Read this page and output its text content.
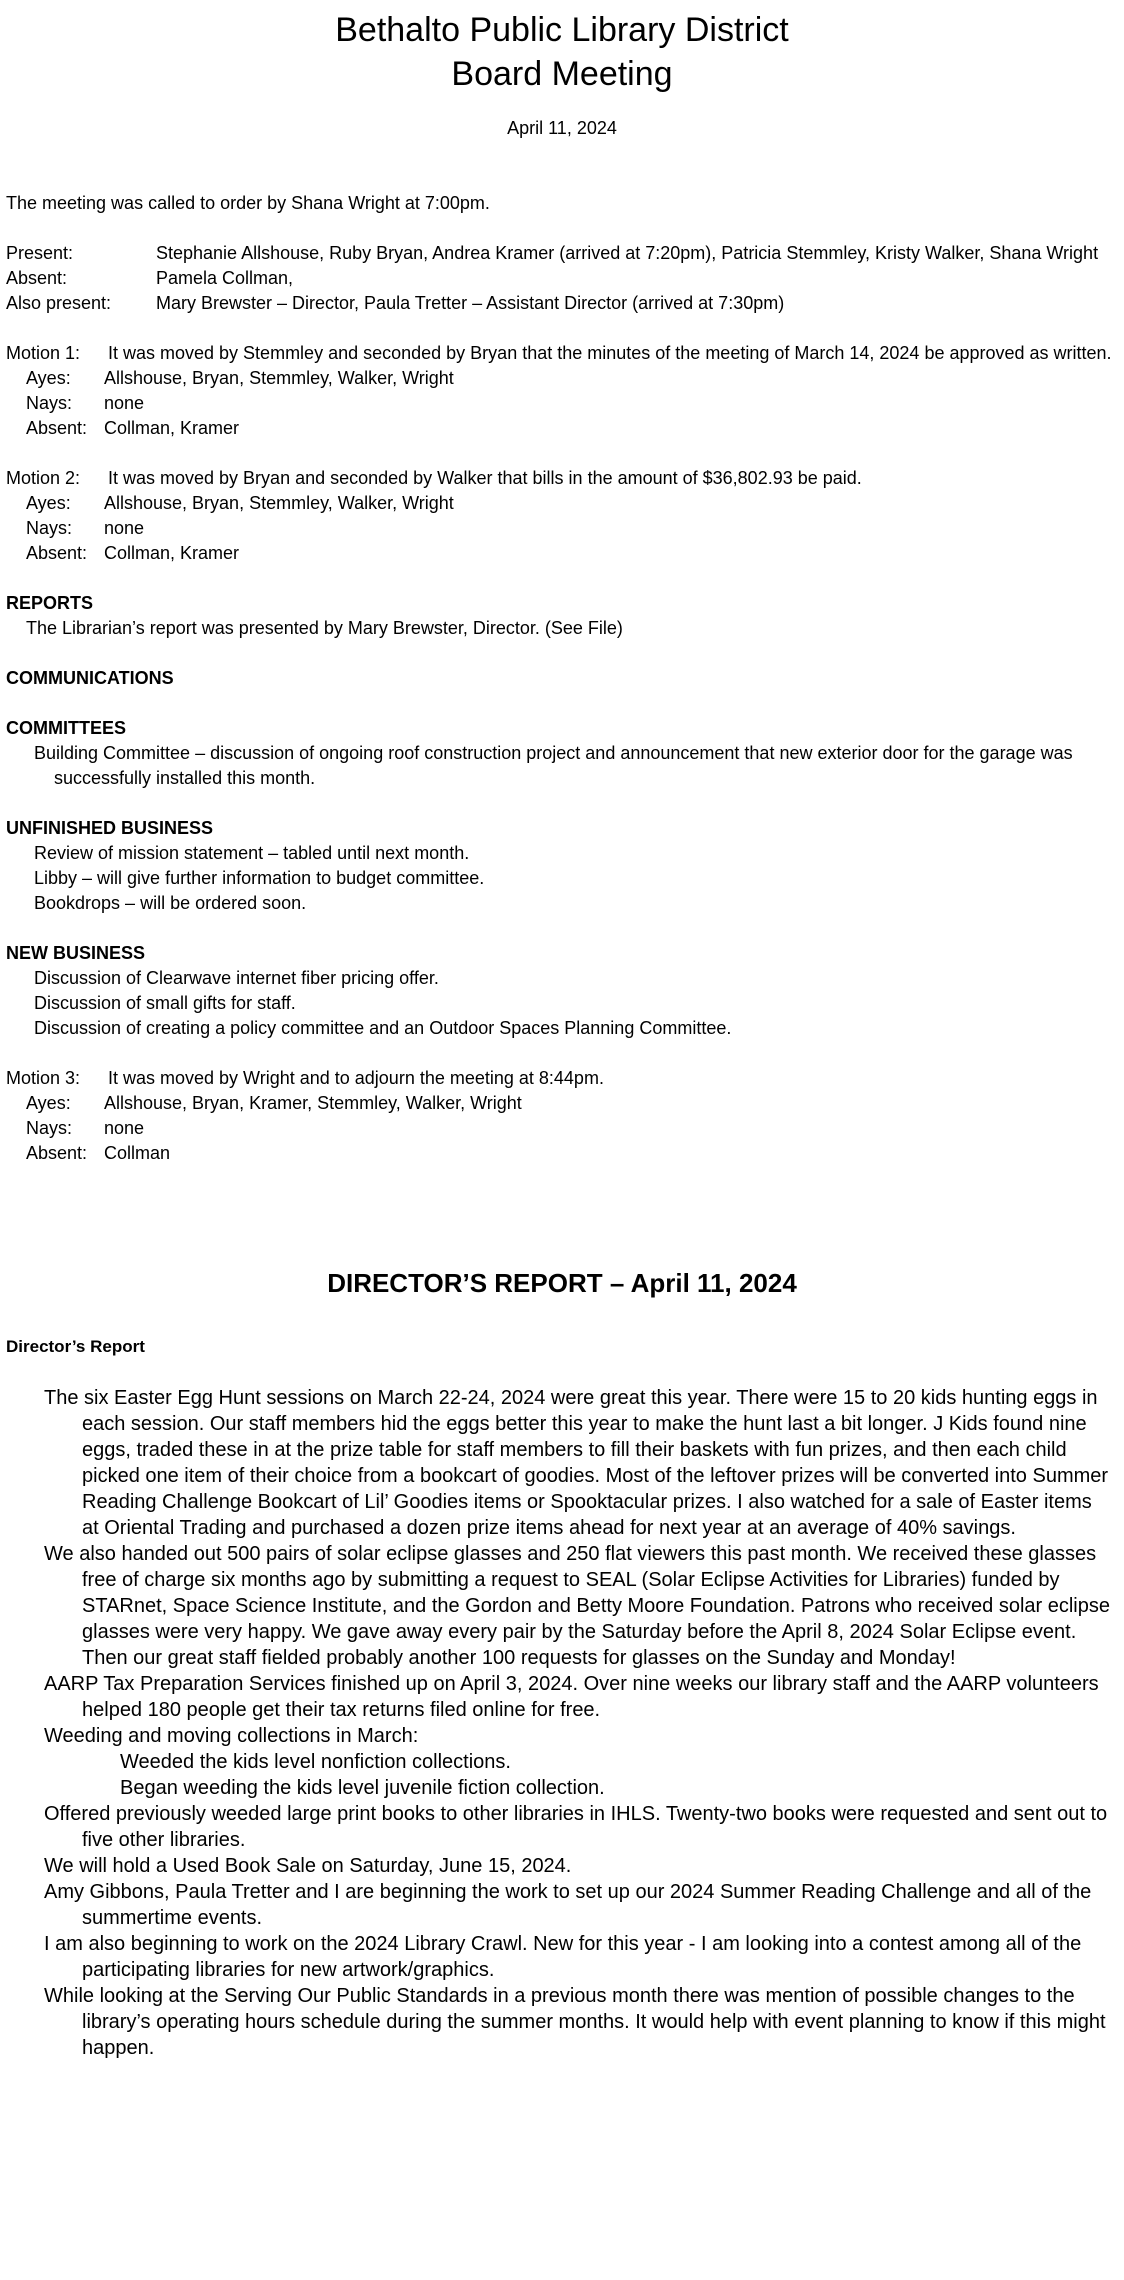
Bethalto Public Library District
Board Meeting
April 11, 2024
The meeting was called to order by Shana Wright at 7:00pm.
Present:	Stephanie Allshouse, Ruby Bryan, Andrea Kramer (arrived at 7:20pm), Patricia Stemmley, Kristy Walker, Shana Wright
Absent:	Pamela Collman,
Also present:	Mary Brewster – Director, Paula Tretter – Assistant Director (arrived at 7:30pm)
Motion 1:	It was moved by Stemmley and seconded by Bryan that the minutes of the meeting of March 14, 2024 be approved as written.
Ayes:	Allshouse, Bryan, Stemmley, Walker, Wright
Nays:	none
Absent: Collman, Kramer
Motion 2:	It was moved by Bryan and seconded by Walker that bills in the amount of $36,802.93 be paid.
Ayes:	Allshouse, Bryan, Stemmley, Walker, Wright
Nays:	none
Absent: Collman, Kramer
REPORTS
The Librarian’s report was presented by Mary Brewster, Director. (See File)
COMMUNICATIONS
COMMITTEES
Building Committee – discussion of ongoing roof construction project and announcement that new exterior door for the garage was successfully installed this month.
UNFINISHED BUSINESS
Review of mission statement – tabled until next month.
Libby – will give further information to budget committee.
Bookdrops – will be ordered soon.
NEW BUSINESS
Discussion of Clearwave internet fiber pricing offer.
Discussion of small gifts for staff.
Discussion of creating a policy committee and an Outdoor Spaces Planning Committee.
Motion 3:	It was moved by Wright and to adjourn the meeting at 8:44pm.
Ayes:	Allshouse, Bryan, Kramer, Stemmley, Walker, Wright
Nays:	none
Absent: Collman
DIRECTOR’S REPORT – April 11, 2024
Director’s Report
The six Easter Egg Hunt sessions on March 22-24, 2024 were great this year. There were 15 to 20 kids hunting eggs in each session. Our staff members hid the eggs better this year to make the hunt last a bit longer. J Kids found nine eggs, traded these in at the prize table for staff members to fill their baskets with fun prizes, and then each child picked one item of their choice from a bookcart of goodies. Most of the leftover prizes will be converted into Summer Reading Challenge Bookcart of Lil’ Goodies items or Spooktacular prizes. I also watched for a sale of Easter items at Oriental Trading and purchased a dozen prize items ahead for next year at an average of 40% savings.
We also handed out 500 pairs of solar eclipse glasses and 250 flat viewers this past month. We received these glasses free of charge six months ago by submitting a request to SEAL (Solar Eclipse Activities for Libraries) funded by STARnet, Space Science Institute, and the Gordon and Betty Moore Foundation. Patrons who received solar eclipse glasses were very happy. We gave away every pair by the Saturday before the April 8, 2024 Solar Eclipse event. Then our great staff fielded probably another 100 requests for glasses on the Sunday and Monday!
AARP Tax Preparation Services finished up on April 3, 2024. Over nine weeks our library staff and the AARP volunteers helped 180 people get their tax returns filed online for free.
Weeding and moving collections in March:
Weeded the kids level nonfiction collections.
Began weeding the kids level juvenile fiction collection.
Offered previously weeded large print books to other libraries in IHLS. Twenty-two books were requested and sent out to five other libraries.
We will hold a Used Book Sale on Saturday, June 15, 2024.
Amy Gibbons, Paula Tretter and I are beginning the work to set up our 2024 Summer Reading Challenge and all of the summertime events.
I am also beginning to work on the 2024 Library Crawl. New for this year - I am looking into a contest among all of the participating libraries for new artwork/graphics.
While looking at the Serving Our Public Standards in a previous month there was mention of possible changes to the library’s operating hours schedule during the summer months. It would help with event planning to know if this might happen.
